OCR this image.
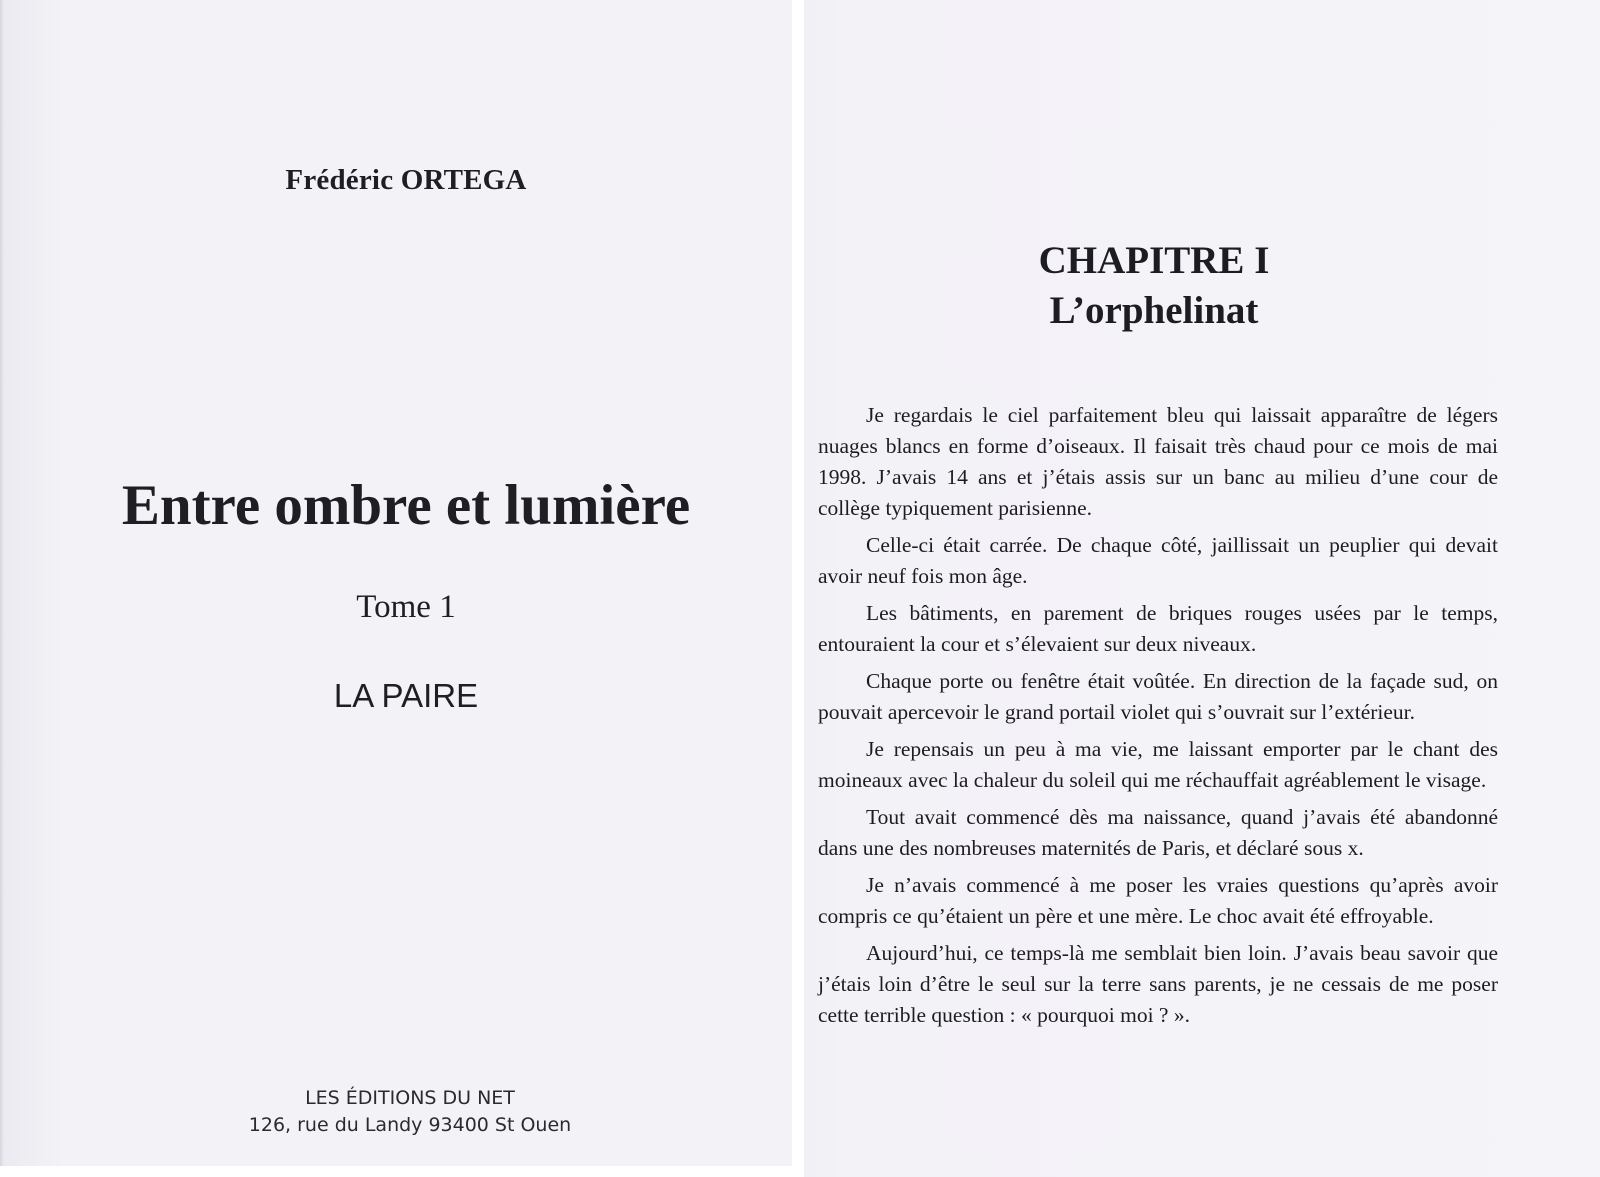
Frédéric ORTEGA
Entre ombre et lumière
Tome 1
LA PAIRE
LES ÉDITIONS DU NET
126, rue du Landy 93400 St Ouen
CHAPITRE I
L’orphelinat

Je regardais le ciel parfaitement bleu qui laissait apparaître de légers nuages blancs en forme d’oiseaux. Il faisait très chaud pour ce mois de mai 1998. J’avais 14 ans et j’étais assis sur un banc au milieu d’une cour de collège typiquement parisienne.

Celle-ci était carrée. De chaque côté, jaillissait un peuplier qui devait avoir neuf fois mon âge.

Les bâtiments, en parement de briques rouges usées par le temps, entouraient la cour et s’élevaient sur deux niveaux.

Chaque porte ou fenêtre était voûtée. En direction de la façade sud, on pouvait apercevoir le grand portail violet qui s’ouvrait sur l’extérieur.

Je repensais un peu à ma vie, me laissant emporter par le chant des moineaux avec la chaleur du soleil qui me réchauffait agréablement le visage.

Tout avait commencé dès ma naissance, quand j’avais été abandonné dans une des nombreuses maternités de Paris, et déclaré sous x.

Je n’avais commencé à me poser les vraies questions qu’après avoir compris ce qu’étaient un père et une mère. Le choc avait été effroyable.

Aujourd’hui, ce temps-là me semblait bien loin. J’avais beau savoir que j’étais loin d’être le seul sur la terre sans parents, je ne cessais de me poser cette terrible question : « pourquoi moi ? ».
